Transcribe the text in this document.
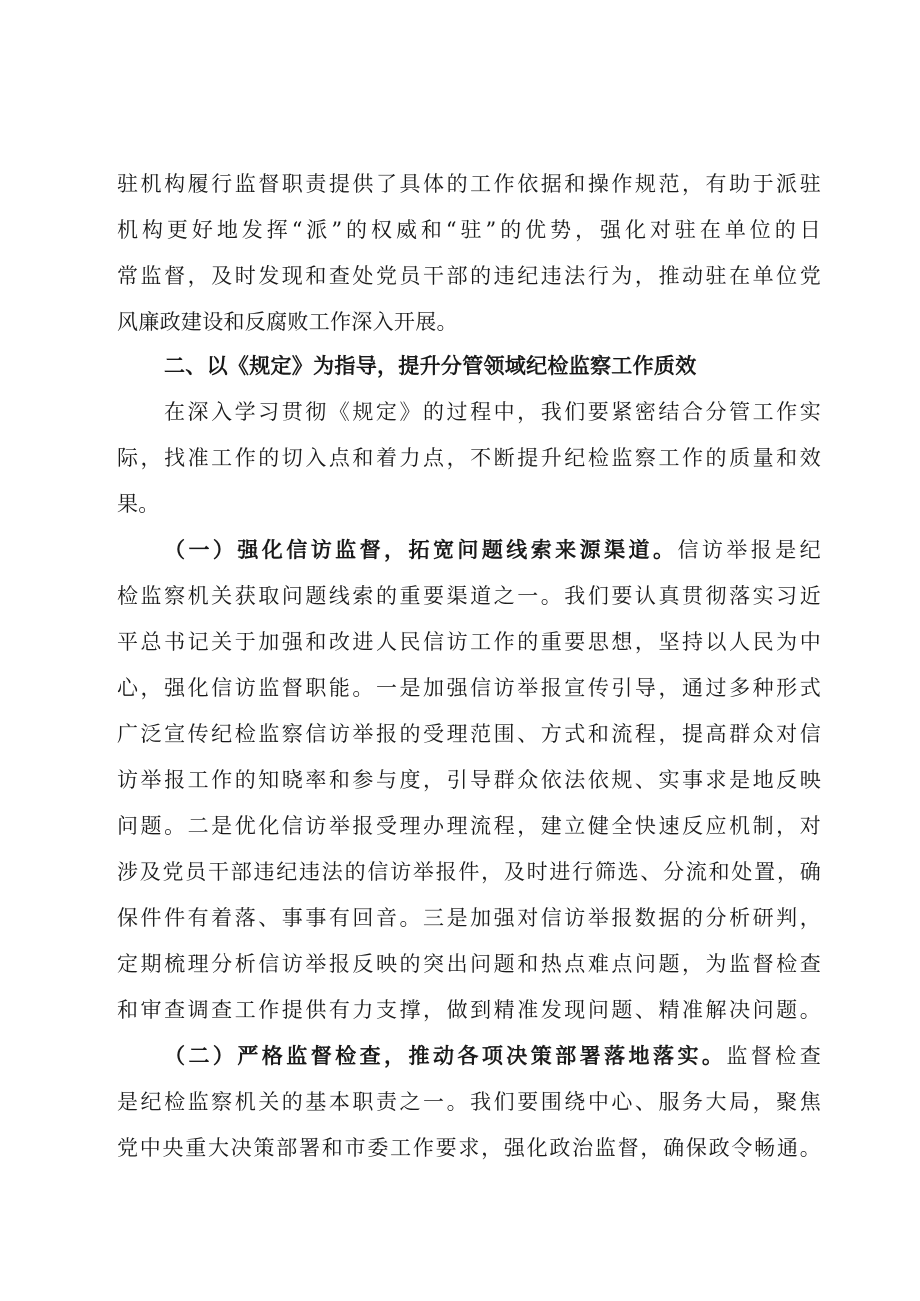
驻机构履行监督职责提供了具体的工作依据和操作规范，有助于派驻
机构更好地发挥“派”的权威和“驻”的优势，强化对驻在单位的日
常监督，及时发现和查处党员干部的违纪违法行为，推动驻在单位党
风廉政建设和反腐败工作深入开展。
二、以《规定》为指导，提升分管领域纪检监察工作质效
在深入学习贯彻《规定》的过程中，我们要紧密结合分管工作实
际，找准工作的切入点和着力点，不断提升纪检监察工作的质量和效
果。
（一）强化信访监督，拓宽问题线索来源渠道。信访举报是纪
检监察机关获取问题线索的重要渠道之一。我们要认真贯彻落实习近
平总书记关于加强和改进人民信访工作的重要思想，坚持以人民为中
心，强化信访监督职能。一是加强信访举报宣传引导，通过多种形式
广泛宣传纪检监察信访举报的受理范围、方式和流程，提高群众对信
访举报工作的知晓率和参与度，引导群众依法依规、实事求是地反映
问题。二是优化信访举报受理办理流程，建立健全快速反应机制，对
涉及党员干部违纪违法的信访举报件，及时进行筛选、分流和处置，确
保件件有着落、事事有回音。三是加强对信访举报数据的分析研判，
定期梳理分析信访举报反映的突出问题和热点难点问题，为监督检查
和审查调查工作提供有力支撑，做到精准发现问题、精准解决问题。
（二）严格监督检查，推动各项决策部署落地落实。监督检查
是纪检监察机关的基本职责之一。我们要围绕中心、服务大局，聚焦
党中央重大决策部署和市委工作要求，强化政治监督，确保政令畅通。
